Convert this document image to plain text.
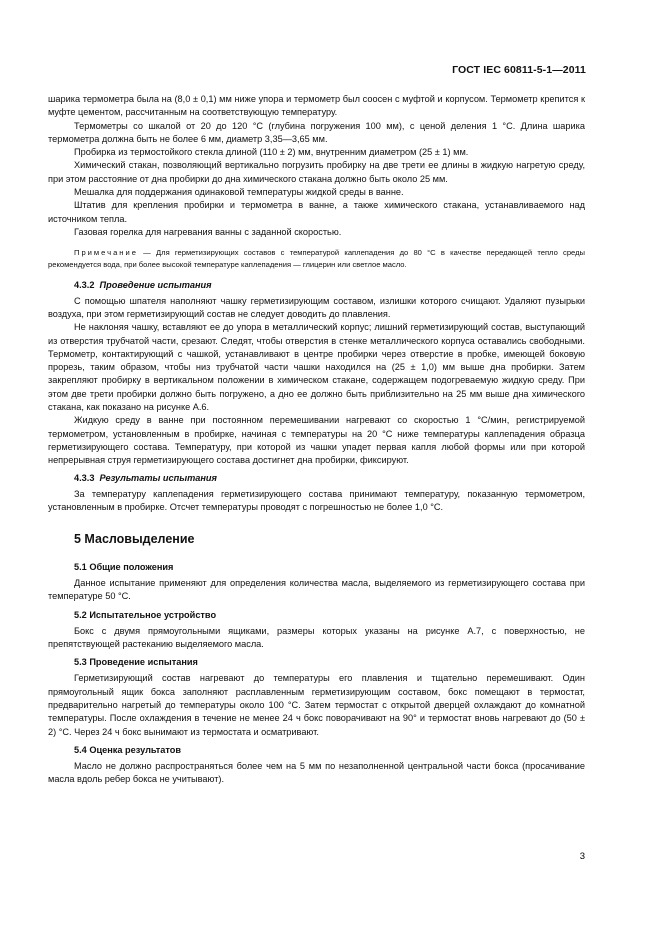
ГОСТ IEC 60811-5-1—2011

шарика термометра была на (8,0 ± 0,1) мм ниже упора и термометр был соосен с муфтой и корпусом. Термометр крепится к муфте цементом, рассчитанным на соответствующую температуру.

Термометры со шкалой от 20 до 120 °С (глубина погружения 100 мм), с ценой деления 1 °С. Длина шарика термометра должна быть не более 6 мм, диаметр 3,35—3,65 мм.

Пробирка из термостойкого стекла длиной (110 ± 2) мм, внутренним диаметром (25 ± 1) мм.

Химический стакан, позволяющий вертикально погрузить пробирку на две трети ее длины в жидкую нагретую среду, при этом расстояние от дна пробирки до дна химического стакана должно быть около 25 мм.

Мешалка для поддержания одинаковой температуры жидкой среды в ванне.

Штатив для крепления пробирки и термометра в ванне, а также химического стакана, устанавливаемого над источником тепла.

Газовая горелка для нагревания ванны с заданной скоростью.

Примечание — Для герметизирующих составов с температурой каплепадения до 80 °С в качестве передающей тепло среды рекомендуется вода, при более высокой температуре каплепадения — глицерин или светлое масло.

4.3.2 Проведение испытания

С помощью шпателя наполняют чашку герметизирующим составом, излишки которого счищают. Удаляют пузырьки воздуха, при этом герметизирующий состав не следует доводить до плавления.

Не наклоняя чашку, вставляют ее до упора в металлический корпус; лишний герметизирующий состав, выступающий из отверстия трубчатой части, срезают. Следят, чтобы отверстия в стенке металлического корпуса оставались свободными. Термометр, контактирующий с чашкой, устанавливают в центре пробирки через отверстие в пробке, имеющей боковую прорезь, таким образом, чтобы низ трубчатой части чашки находился на (25 ± 1,0) мм выше дна пробирки. Затем закрепляют пробирку в вертикальном положении в химическом стакане, содержащем подогреваемую жидкую среду. При этом две трети пробирки должно быть погружено, а дно ее должно быть приблизительно на 25 мм выше дна химического стакана, как показано на рисунке А.6.

Жидкую среду в ванне при постоянном перемешивании нагревают со скоростью 1 °С/мин, регистрируемой термометром, установленным в пробирке, начиная с температуры на 20 °С ниже температуры каплепадения образца герметизирующего состава. Температуру, при которой из чашки упадет первая капля любой формы или при которой непрерывная струя герметизирующего состава достигнет дна пробирки, фиксируют.

4.3.3 Результаты испытания

За температуру каплепадения герметизирующего состава принимают температуру, показанную термометром, установленным в пробирке. Отсчет температуры проводят с погрешностью не более 1,0 °С.

5 Масловыделение
5.1 Общие положения

Данное испытание применяют для определения количества масла, выделяемого из герметизирующего состава при температуре 50 °С.

5.2 Испытательное устройство

Бокс с двумя прямоугольными ящиками, размеры которых указаны на рисунке А.7, с поверхностью, не препятствующей растеканию выделяемого масла.

5.3 Проведение испытания

Герметизирующий состав нагревают до температуры его плавления и тщательно перемешивают. Один прямоугольный ящик бокса заполняют расплавленным герметизирующим составом, бокс помещают в термостат, предварительно нагретый до температуры около 100 °С. Затем термостат с открытой дверцей охлаждают до комнатной температуры. После охлаждения в течение не менее 24 ч бокс поворачивают на 90° и термостат вновь нагревают до (50 ± 2) °С. Через 24 ч бокс вынимают из термостата и осматривают.

5.4 Оценка результатов

Масло не должно распространяться более чем на 5 мм по незаполненной центральной части бокса (просачивание масла вдоль ребер бокса не учитывают).

3
